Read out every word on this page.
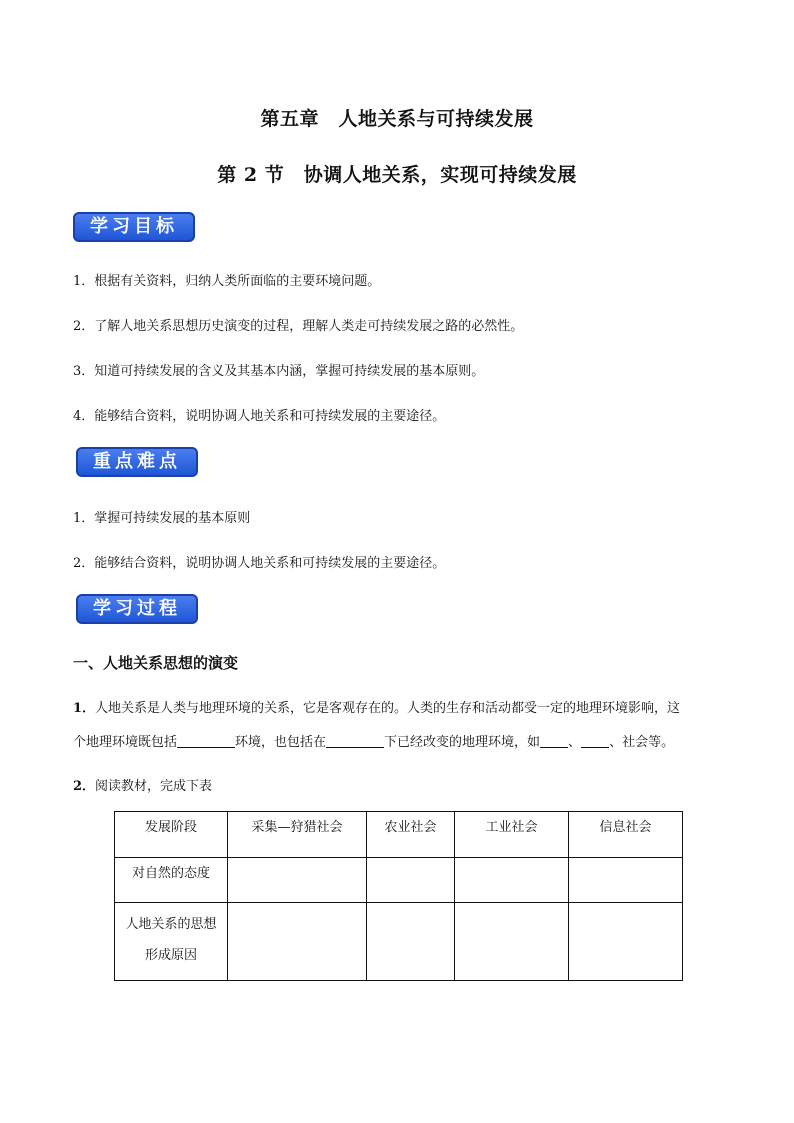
第五章　人地关系与可持续发展
第 2 节　协调人地关系，实现可持续发展
学习目标
1．根据有关资料，归纳人类所面临的主要环境问题。
2．了解人地关系思想历史演变的过程，理解人类走可持续发展之路的必然性。
3．知道可持续发展的含义及其基本内涵，掌握可持续发展的基本原则。
4．能够结合资料，说明协调人地关系和可持续发展的主要途径。
重点难点
1．掌握可持续发展的基本原则
2．能够结合资料，说明协调人地关系和可持续发展的主要途径。
学习过程
一、人地关系思想的演变
1．人地关系是人类与地理环境的关系，它是客观存在的。人类的生存和活动都受一定的地理环境影响，这
个地理环境既包括	环境，也包括在	下已经改变的地理环境，如 、 、社会等。
2．阅读教材，完成下表
发展阶段	采集—狩猎社会	农业社会	工业社会	信息社会

对自然的态度				

人地关系的思想
形成原因				
